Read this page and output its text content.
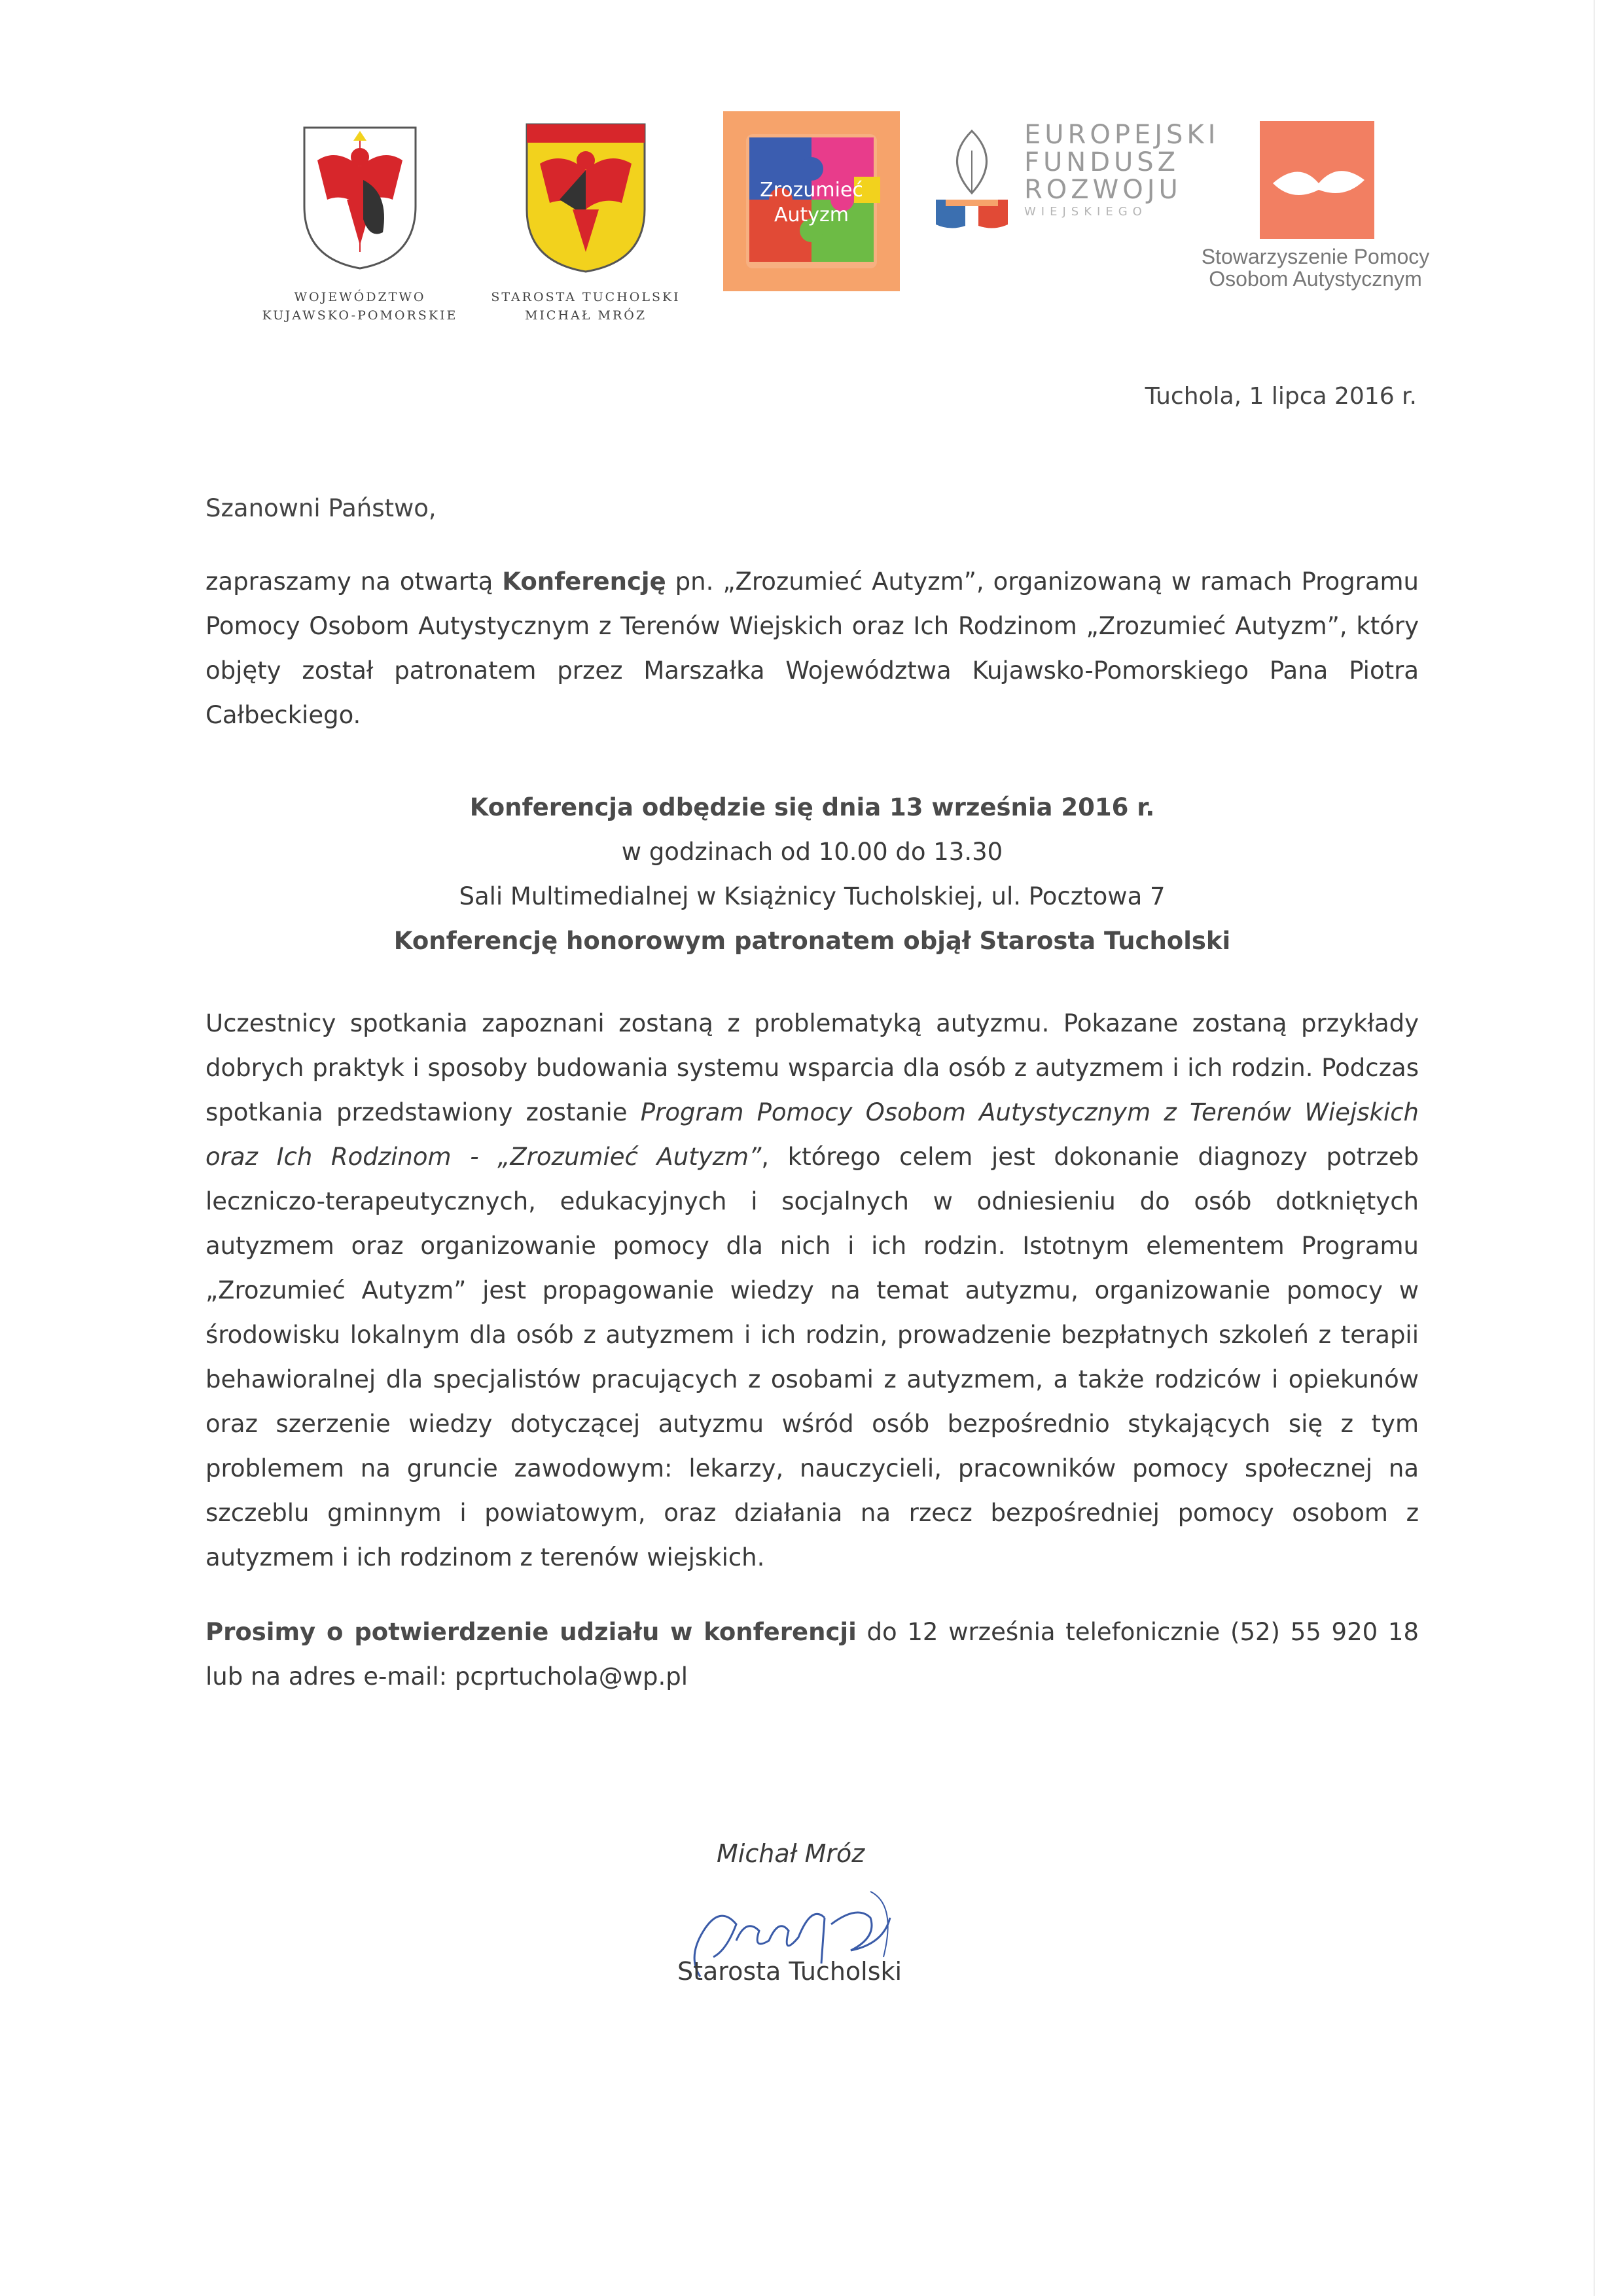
WOJEWÓDZTWO
KUJAWSKO-POMORSKIE
STAROSTA TUCHOLSKI
MICHAŁ MRÓZ
Zrozumieć
Autyzm
EUROPEJSKI
FUNDUSZ
ROZWOJU
WIEJSKIEGO
Stowarzyszenie Pomocy
Osobom Autystycznym
Tuchola, 1 lipca 2016 r.
Szanowni Państwo,
zapraszamy na otwartą Konferencję pn. „Zrozumieć Autyzm”, organizowaną w ramach Programu Pomocy Osobom Autystycznym z Terenów Wiejskich oraz Ich Rodzinom „Zrozumieć Autyzm”, który objęty został patronatem przez Marszałka Województwa Kujawsko-Pomorskiego Pana Piotra Całbeckiego.
Konferencja odbędzie się dnia 13 września 2016 r.
w godzinach od 10.00 do 13.30
Sali Multimedialnej w Książnicy Tucholskiej, ul. Pocztowa 7
Konferencję honorowym patronatem objął Starosta Tucholski
Uczestnicy spotkania zapoznani zostaną z problematyką autyzmu. Pokazane zostaną przykłady dobrych praktyk i sposoby budowania systemu wsparcia dla osób z autyzmem i ich rodzin. Podczas spotkania przedstawiony zostanie Program Pomocy Osobom Autystycznym z Terenów Wiejskich oraz Ich Rodzinom - „Zrozumieć Autyzm”, którego celem jest dokonanie diagnozy potrzeb leczniczo-terapeutycznych, edukacyjnych i socjalnych w odniesieniu do osób dotkniętych autyzmem oraz organizowanie pomocy dla nich i ich rodzin. Istotnym elementem Programu „Zrozumieć Autyzm” jest propagowanie wiedzy na temat autyzmu, organizowanie pomocy w środowisku lokalnym dla osób z autyzmem i ich rodzin, prowadzenie bezpłatnych szkoleń z terapii behawioralnej dla specjalistów pracujących z osobami z autyzmem, a także rodziców i opiekunów oraz szerzenie wiedzy dotyczącej autyzmu wśród osób bezpośrednio stykających się z tym problemem na gruncie zawodowym: lekarzy, nauczycieli, pracowników pomocy społecznej na szczeblu gminnym i powiatowym, oraz działania na rzecz bezpośredniej pomocy osobom z autyzmem i ich rodzinom z terenów wiejskich.
Prosimy o potwierdzenie udziału w konferencji do 12 września telefonicznie (52) 55 920 18 lub na adres e-mail: pcprtuchola@wp.pl
Michał Mróz
Starosta Tucholski
